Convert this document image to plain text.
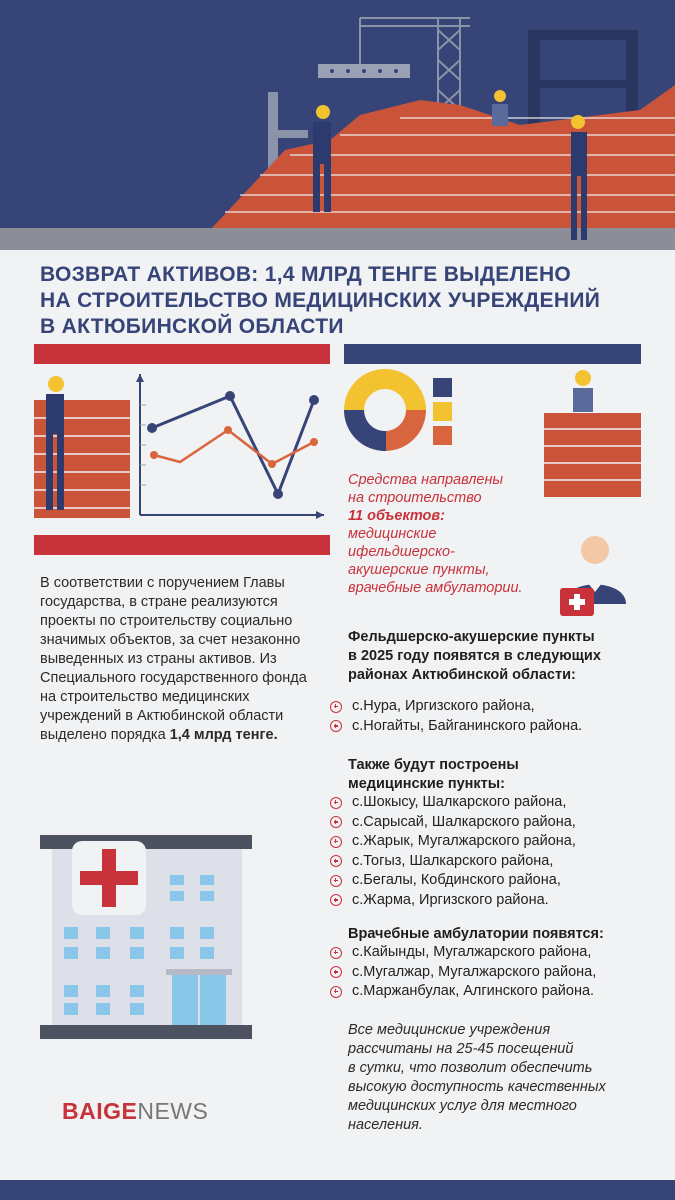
ВОЗВРАТ АКТИВОВ: 1,4 МЛРД ТЕНГЕ ВЫДЕЛЕНО
НА СТРОИТЕЛЬСТВО МЕДИЦИНСКИХ УЧРЕЖДЕНИЙ
В АКТЮБИНСКОЙ ОБЛАСТИ
В соответствии с поручением Главы государства, в стране реализуются проекты по строительству социально значимых объектов, за счет незаконно выведенных из страны активов. Из Специального государственного фонда на строительство медицинских учреждений в Актюбинской области выделено порядка 1,4 млрд тенге.
Средства направлены
на строительство
11 объектов:
медицинские
ифельдшерско-
акушерские пункты,
врачебные амбулатории.
Фельдшерско-акушерские пункты
в 2025 году появятся в следующих
районах Актюбинской области:
с.Нура, Иргизского района,
с.Ногайты, Байганинского района.
Также будут построены
медицинские пункты:
с.Шокысу, Шалкарского района,
с.Сарысай, Шалкарского района,
с.Жарык, Мугалжарского района,
с.Тогыз, Шалкарского района,
с.Бегалы, Кобдинского района,
с.Жарма, Иргизского района.
Врачебные амбулатории появятся:
с.Кайынды, Мугалжарского района,
с.Мугалжар, Мугалжарского района,
с.Маржанбулак, Алгинского района.
Все медицинские учреждения
рассчитаны на 25-45 посещений
в сутки, что позволит обеспечить
высокую доступность качественных
медицинских услуг для местного
населения.
BAIGENEWS
